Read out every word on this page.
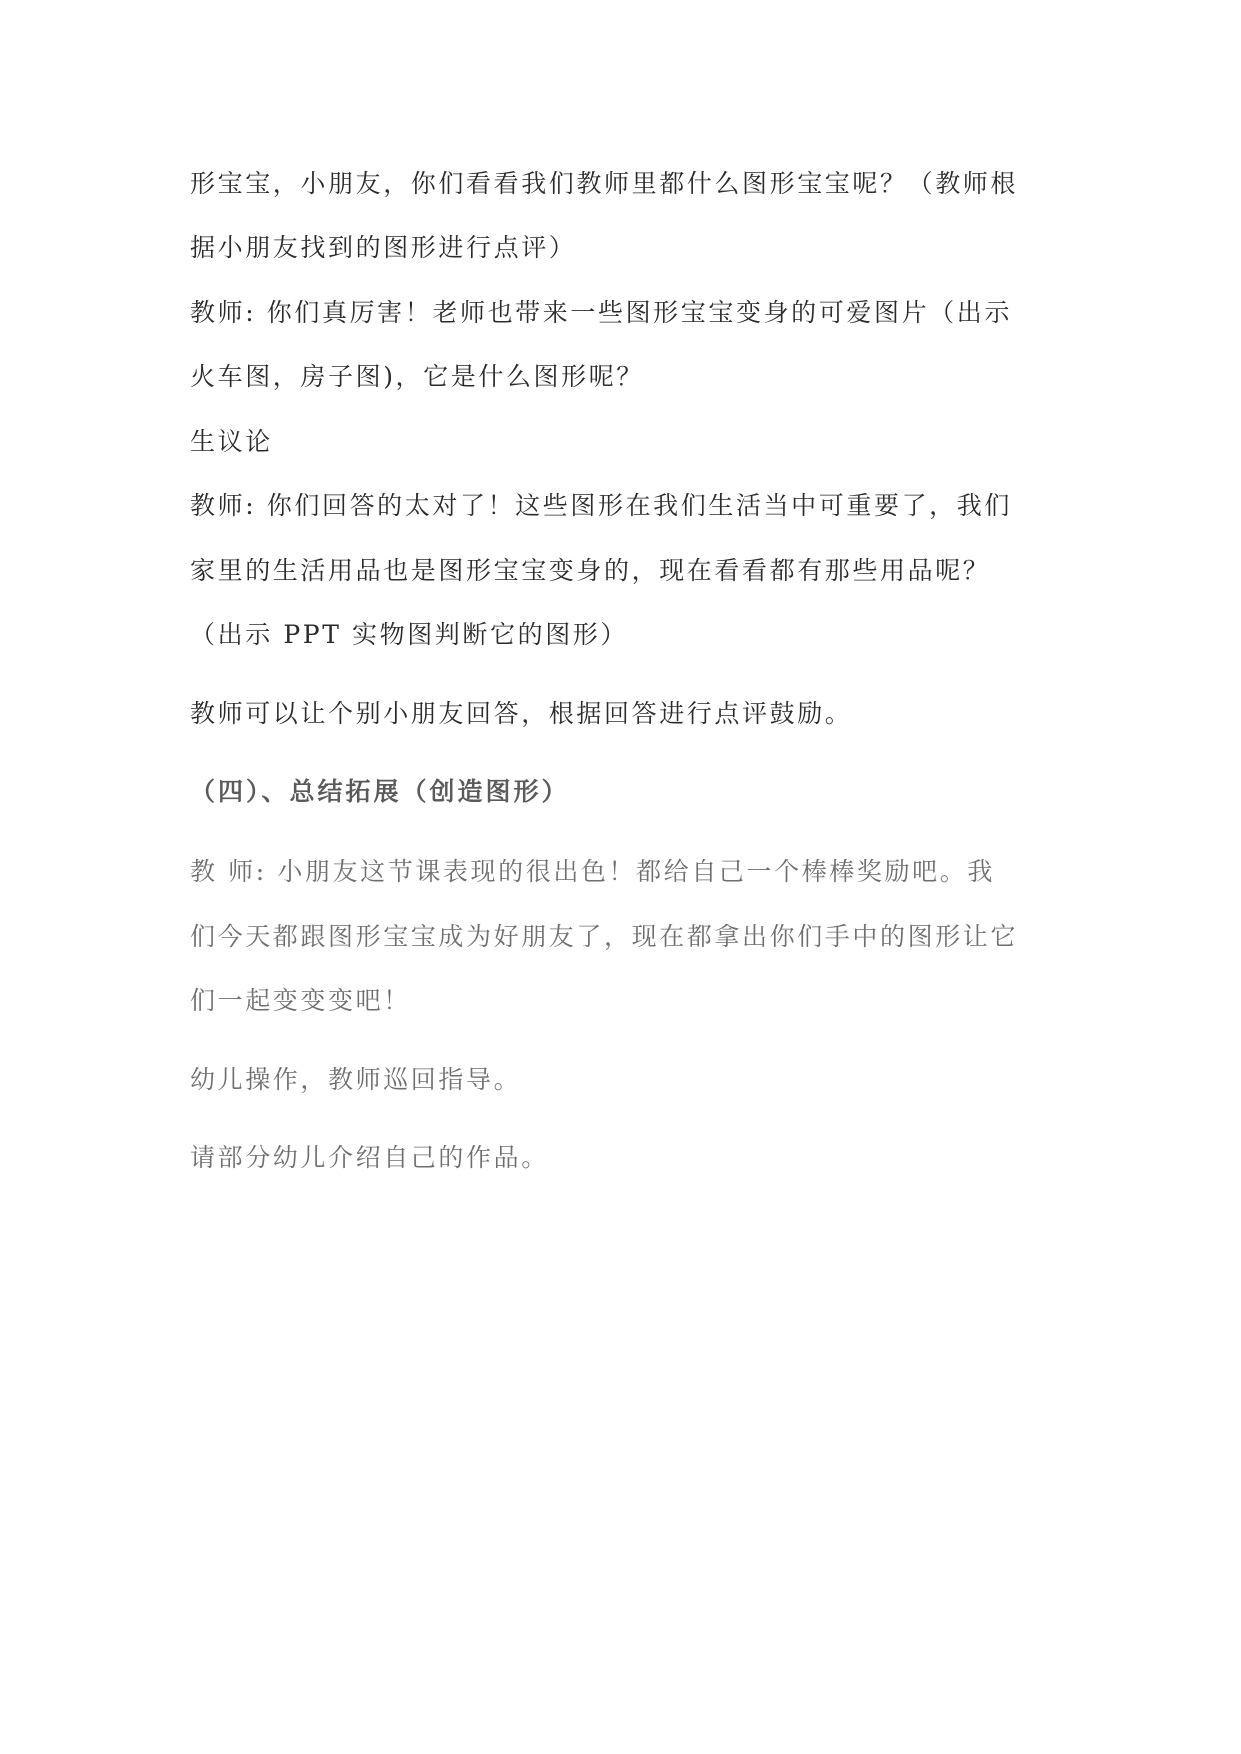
形宝宝，小朋友，你们看看我们教师里都什么图形宝宝呢？（教师根
据小朋友找到的图形进行点评）
教师: 你们真厉害！老师也带来一些图形宝宝变身的可爱图片（出示
火车图，房子图)，它是什么图形呢？
生议论
教师: 你们回答的太对了！这些图形在我们生活当中可重要了，我们
家里的生活用品也是图形宝宝变身的，现在看看都有那些用品呢？
（出示 PPT 实物图判断它的图形）
教师可以让个别小朋友回答，根据回答进行点评鼓励。
（四）、总结拓展（创造图形）
教 师: 小朋友这节课表现的很出色！都给自己一个棒棒奖励吧。我
们今天都跟图形宝宝成为好朋友了，现在都拿出你们手中的图形让它
们一起变变变吧！
幼儿操作，教师巡回指导。
请部分幼儿介绍自己的作品。
